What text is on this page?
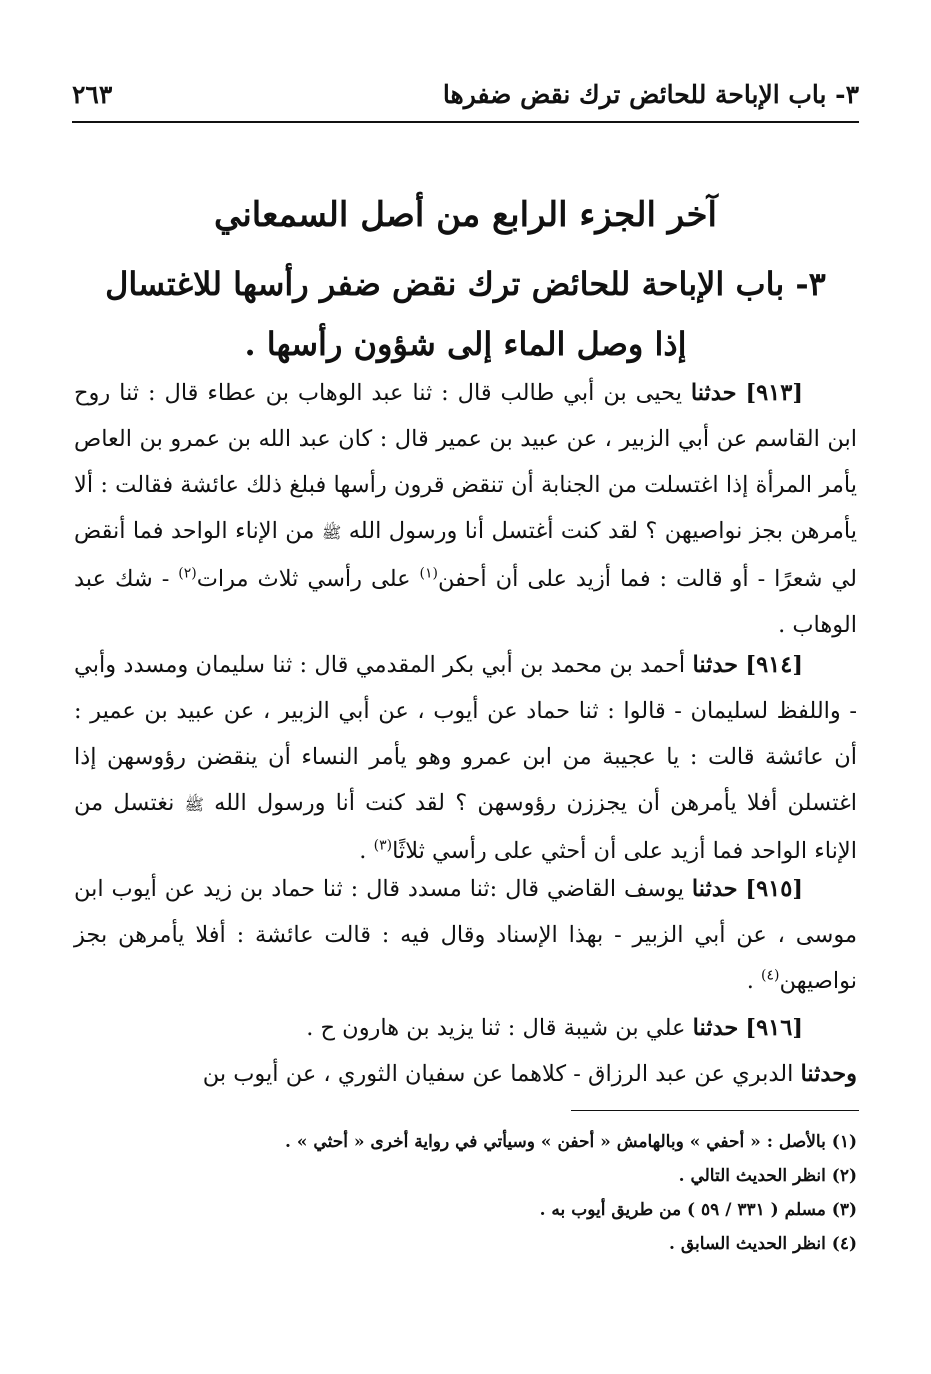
٣- باب الإباحة للحائض ترك نقض ضفرها
٢٦٣
آخر الجزء الرابع من أصل السمعاني
٣- باب الإباحة للحائض ترك نقض ضفر رأسها للاغتسال
إذا وصل الماء إلى شؤون رأسها .
[٩١٣] حدثنا يحيى بن أبي طالب قال : ثنا عبد الوهاب بن عطاء قال : ثنا روح ابن القاسم عن أبي الزبير ، عن عبيد بن عمير قال : كان عبد الله بن عمرو بن العاص يأمر المرأة إذا اغتسلت من الجنابة أن تنقض قرون رأسها فبلغ ذلك عائشة فقالت : ألا يأمرهن بجز نواصيهن ؟ لقد كنت أغتسل أنا ورسول الله ﷺ من الإناء الواحد فما أنقض لي شعرًا - أو قالت : فما أزيد على أن أحفن$^{(١)}$ على رأسي ثلاث مرات$^{(٢)}$ - شك عبد الوهاب .
[٩١٤] حدثنا أحمد بن محمد بن أبي بكر المقدمي قال : ثنا سليمان ومسدد وأبي - واللفظ لسليمان - قالوا : ثنا حماد عن أيوب ، عن أبي الزبير ، عن عبيد بن عمير : أن عائشة قالت : يا عجيبة من ابن عمرو وهو يأمر النساء أن ينقضن رؤوسهن إذا اغتسلن أفلا يأمرهن أن يجززن رؤوسهن ؟ لقد كنت أنا ورسول الله ﷺ نغتسل من الإناء الواحد فما أزيد على أن أحثي على رأسي ثلاثًا$^{(٣)}$ .
[٩١٥] حدثنا يوسف القاضي قال :ثنا مسدد قال : ثنا حماد بن زيد عن أيوب ابن موسى ، عن أبي الزبير - بهذا الإسناد وقال فيه : قالت عائشة : أفلا يأمرهن بجز نواصيهن$^{(٤)}$ .
[٩١٦] حدثنا علي بن شيبة قال : ثنا يزيد بن هارون ح .
وحدثنا الدبري عن عبد الرزاق - كلاهما عن سفيان الثوري ، عن أيوب بن
(١) بالأصل : « أحفي » وبالهامش « أحفن » وسيأتي في رواية أخرى « أحثي » .
(٢) انظر الحديث التالي .
(٣) مسلم ( ٣٣١ / ٥٩ ) من طريق أيوب به .
(٤) انظر الحديث السابق .
